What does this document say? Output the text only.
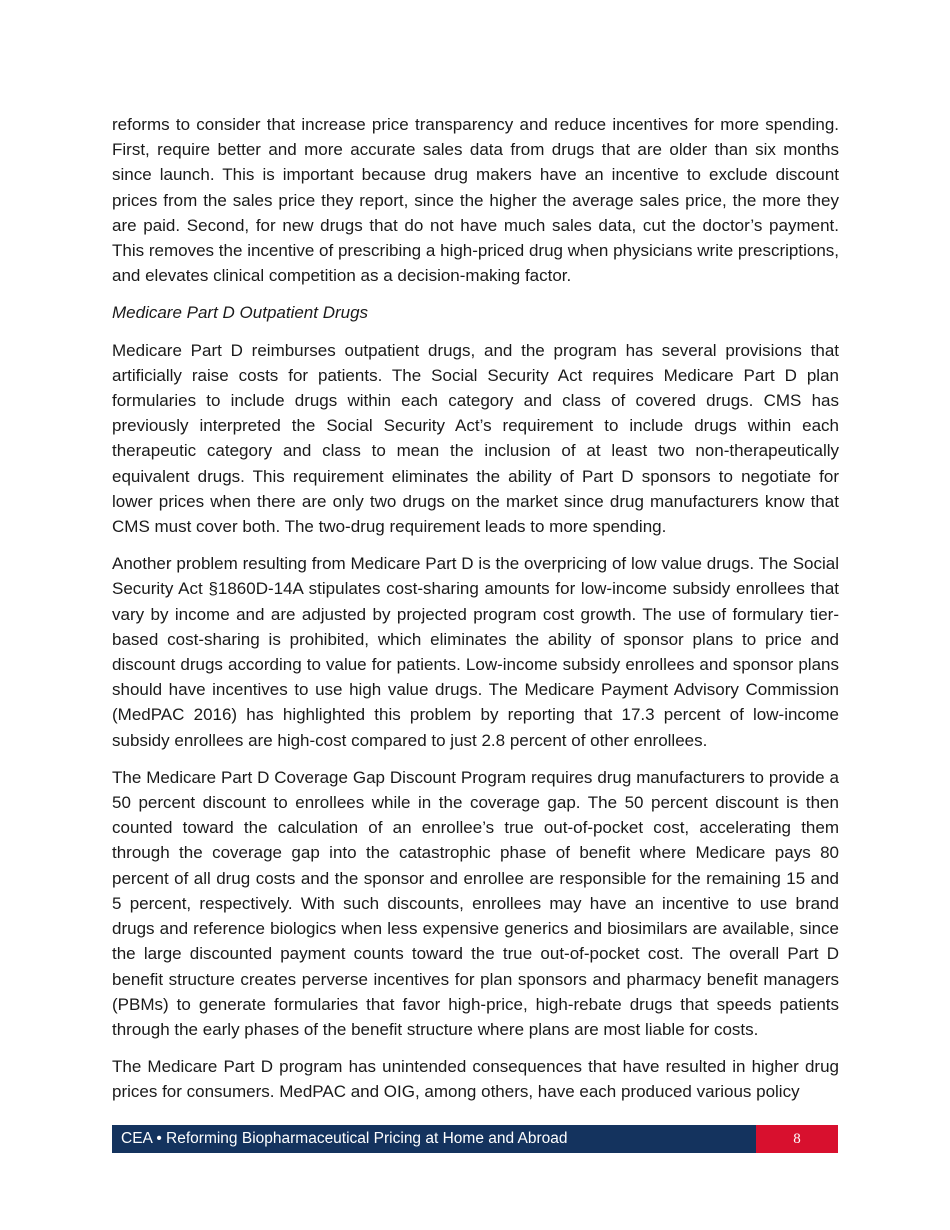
reforms to consider that increase price transparency and reduce incentives for more spending. First, require better and more accurate sales data from drugs that are older than six months since launch. This is important because drug makers have an incentive to exclude discount prices from the sales price they report, since the higher the average sales price, the more they are paid. Second, for new drugs that do not have much sales data, cut the doctor’s payment. This removes the incentive of prescribing a high-priced drug when physicians write prescriptions, and elevates clinical competition as a decision-making factor.

Medicare Part D Outpatient Drugs

Medicare Part D reimburses outpatient drugs, and the program has several provisions that artificially raise costs for patients. The Social Security Act requires Medicare Part D plan formularies to include drugs within each category and class of covered drugs. CMS has previously interpreted the Social Security Act’s requirement to include drugs within each therapeutic category and class to mean the inclusion of at least two non-therapeutically equivalent drugs. This requirement eliminates the ability of Part D sponsors to negotiate for lower prices when there are only two drugs on the market since drug manufacturers know that CMS must cover both. The two-drug requirement leads to more spending.

Another problem resulting from Medicare Part D is the overpricing of low value drugs. The Social Security Act §1860D-14A stipulates cost-sharing amounts for low-income subsidy enrollees that vary by income and are adjusted by projected program cost growth. The use of formulary tier-based cost-sharing is prohibited, which eliminates the ability of sponsor plans to price and discount drugs according to value for patients. Low-income subsidy enrollees and sponsor plans should have incentives to use high value drugs. The Medicare Payment Advisory Commission (MedPAC 2016) has highlighted this problem by reporting that 17.3 percent of low-income subsidy enrollees are high-cost compared to just 2.8 percent of other enrollees.

The Medicare Part D Coverage Gap Discount Program requires drug manufacturers to provide a 50 percent discount to enrollees while in the coverage gap. The 50 percent discount is then counted toward the calculation of an enrollee’s true out-of-pocket cost, accelerating them through the coverage gap into the catastrophic phase of benefit where Medicare pays 80 percent of all drug costs and the sponsor and enrollee are responsible for the remaining 15 and 5 percent, respectively. With such discounts, enrollees may have an incentive to use brand drugs and reference biologics when less expensive generics and biosimilars are available, since the large discounted payment counts toward the true out-of-pocket cost. The overall Part D benefit structure creates perverse incentives for plan sponsors and pharmacy benefit managers (PBMs) to generate formularies that favor high-price, high-rebate drugs that speeds patients through the early phases of the benefit structure where plans are most liable for costs.

The Medicare Part D program has unintended consequences that have resulted in higher drug prices for consumers. MedPAC and OIG, among others, have each produced various policy

CEA • Reforming Biopharmaceutical Pricing at Home and Abroad	8
